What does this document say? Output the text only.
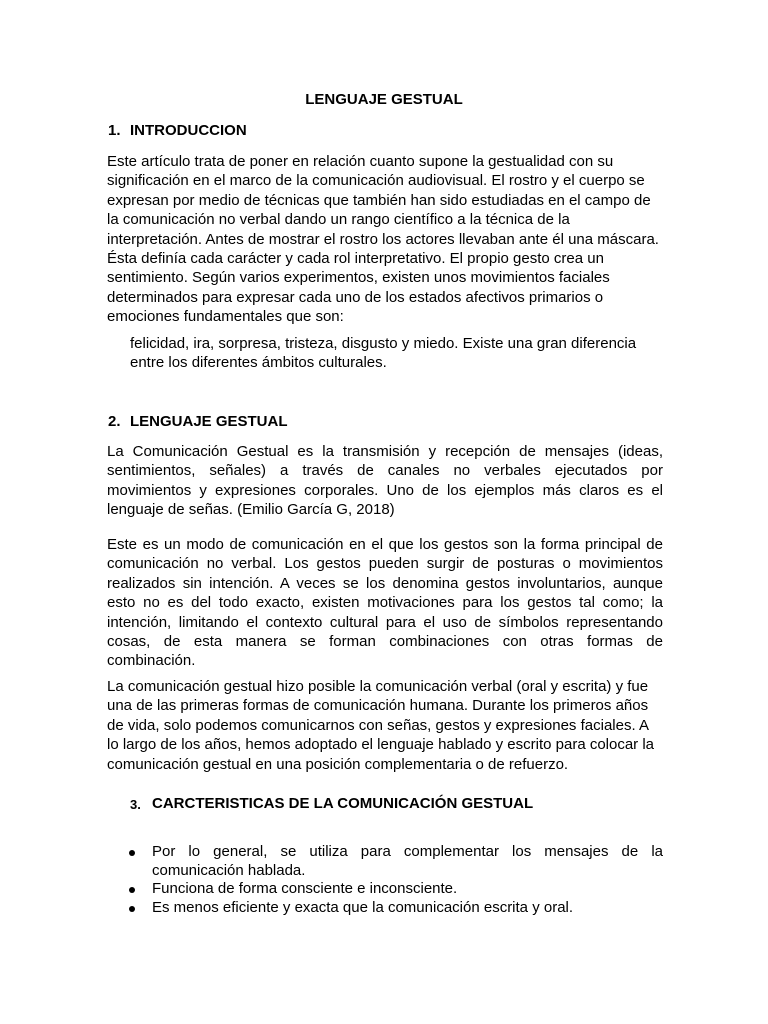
LENGUAJE GESTUAL
1. INTRODUCCION

Este artículo trata de poner en relación cuanto supone la gestualidad con su significación en el marco de la comunicación audiovisual. El rostro y el cuerpo se expresan por medio de técnicas que también han sido estudiadas en el campo de la comunicación no verbal dando un rango científico a la técnica de la interpretación. Antes de mostrar el rostro los actores llevaban ante él una máscara. Ésta definía cada carácter y cada rol interpretativo. El propio gesto crea un sentimiento. Según varios experimentos, existen unos movimientos faciales determinados para expresar cada uno de los estados afectivos primarios o emociones fundamentales que son:

felicidad, ira, sorpresa, tristeza, disgusto y miedo. Existe una gran diferencia entre los diferentes ámbitos culturales.

2. LENGUAJE GESTUAL

La Comunicación Gestual es la transmisión y recepción de mensajes (ideas, sentimientos, señales) a través de canales no verbales ejecutados por movimientos y expresiones corporales. Uno de los ejemplos más claros es el lenguaje de señas. (Emilio García G, 2018)

Este es un modo de comunicación en el que los gestos son la forma principal de comunicación no verbal. Los gestos pueden surgir de posturas o movimientos realizados sin intención. A veces se los denomina gestos involuntarios, aunque esto no es del todo exacto, existen motivaciones para los gestos tal como; la intención, limitando el contexto cultural para el uso de símbolos representando cosas, de esta manera se forman combinaciones con otras formas de combinación.

La comunicación gestual hizo posible la comunicación verbal (oral y escrita) y fue una de las primeras formas de comunicación humana. Durante los primeros años de vida, solo podemos comunicarnos con señas, gestos y expresiones faciales. A lo largo de los años, hemos adoptado el lenguaje hablado y escrito para colocar la comunicación gestual en una posición complementaria o de refuerzo.

3. CARCTERISTICAS DE LA COMUNICACIÓN GESTUAL
Por lo general, se utiliza para complementar los mensajes de la comunicación hablada.
Funciona de forma consciente e inconsciente.
Es menos eficiente y exacta que la comunicación escrita y oral.
